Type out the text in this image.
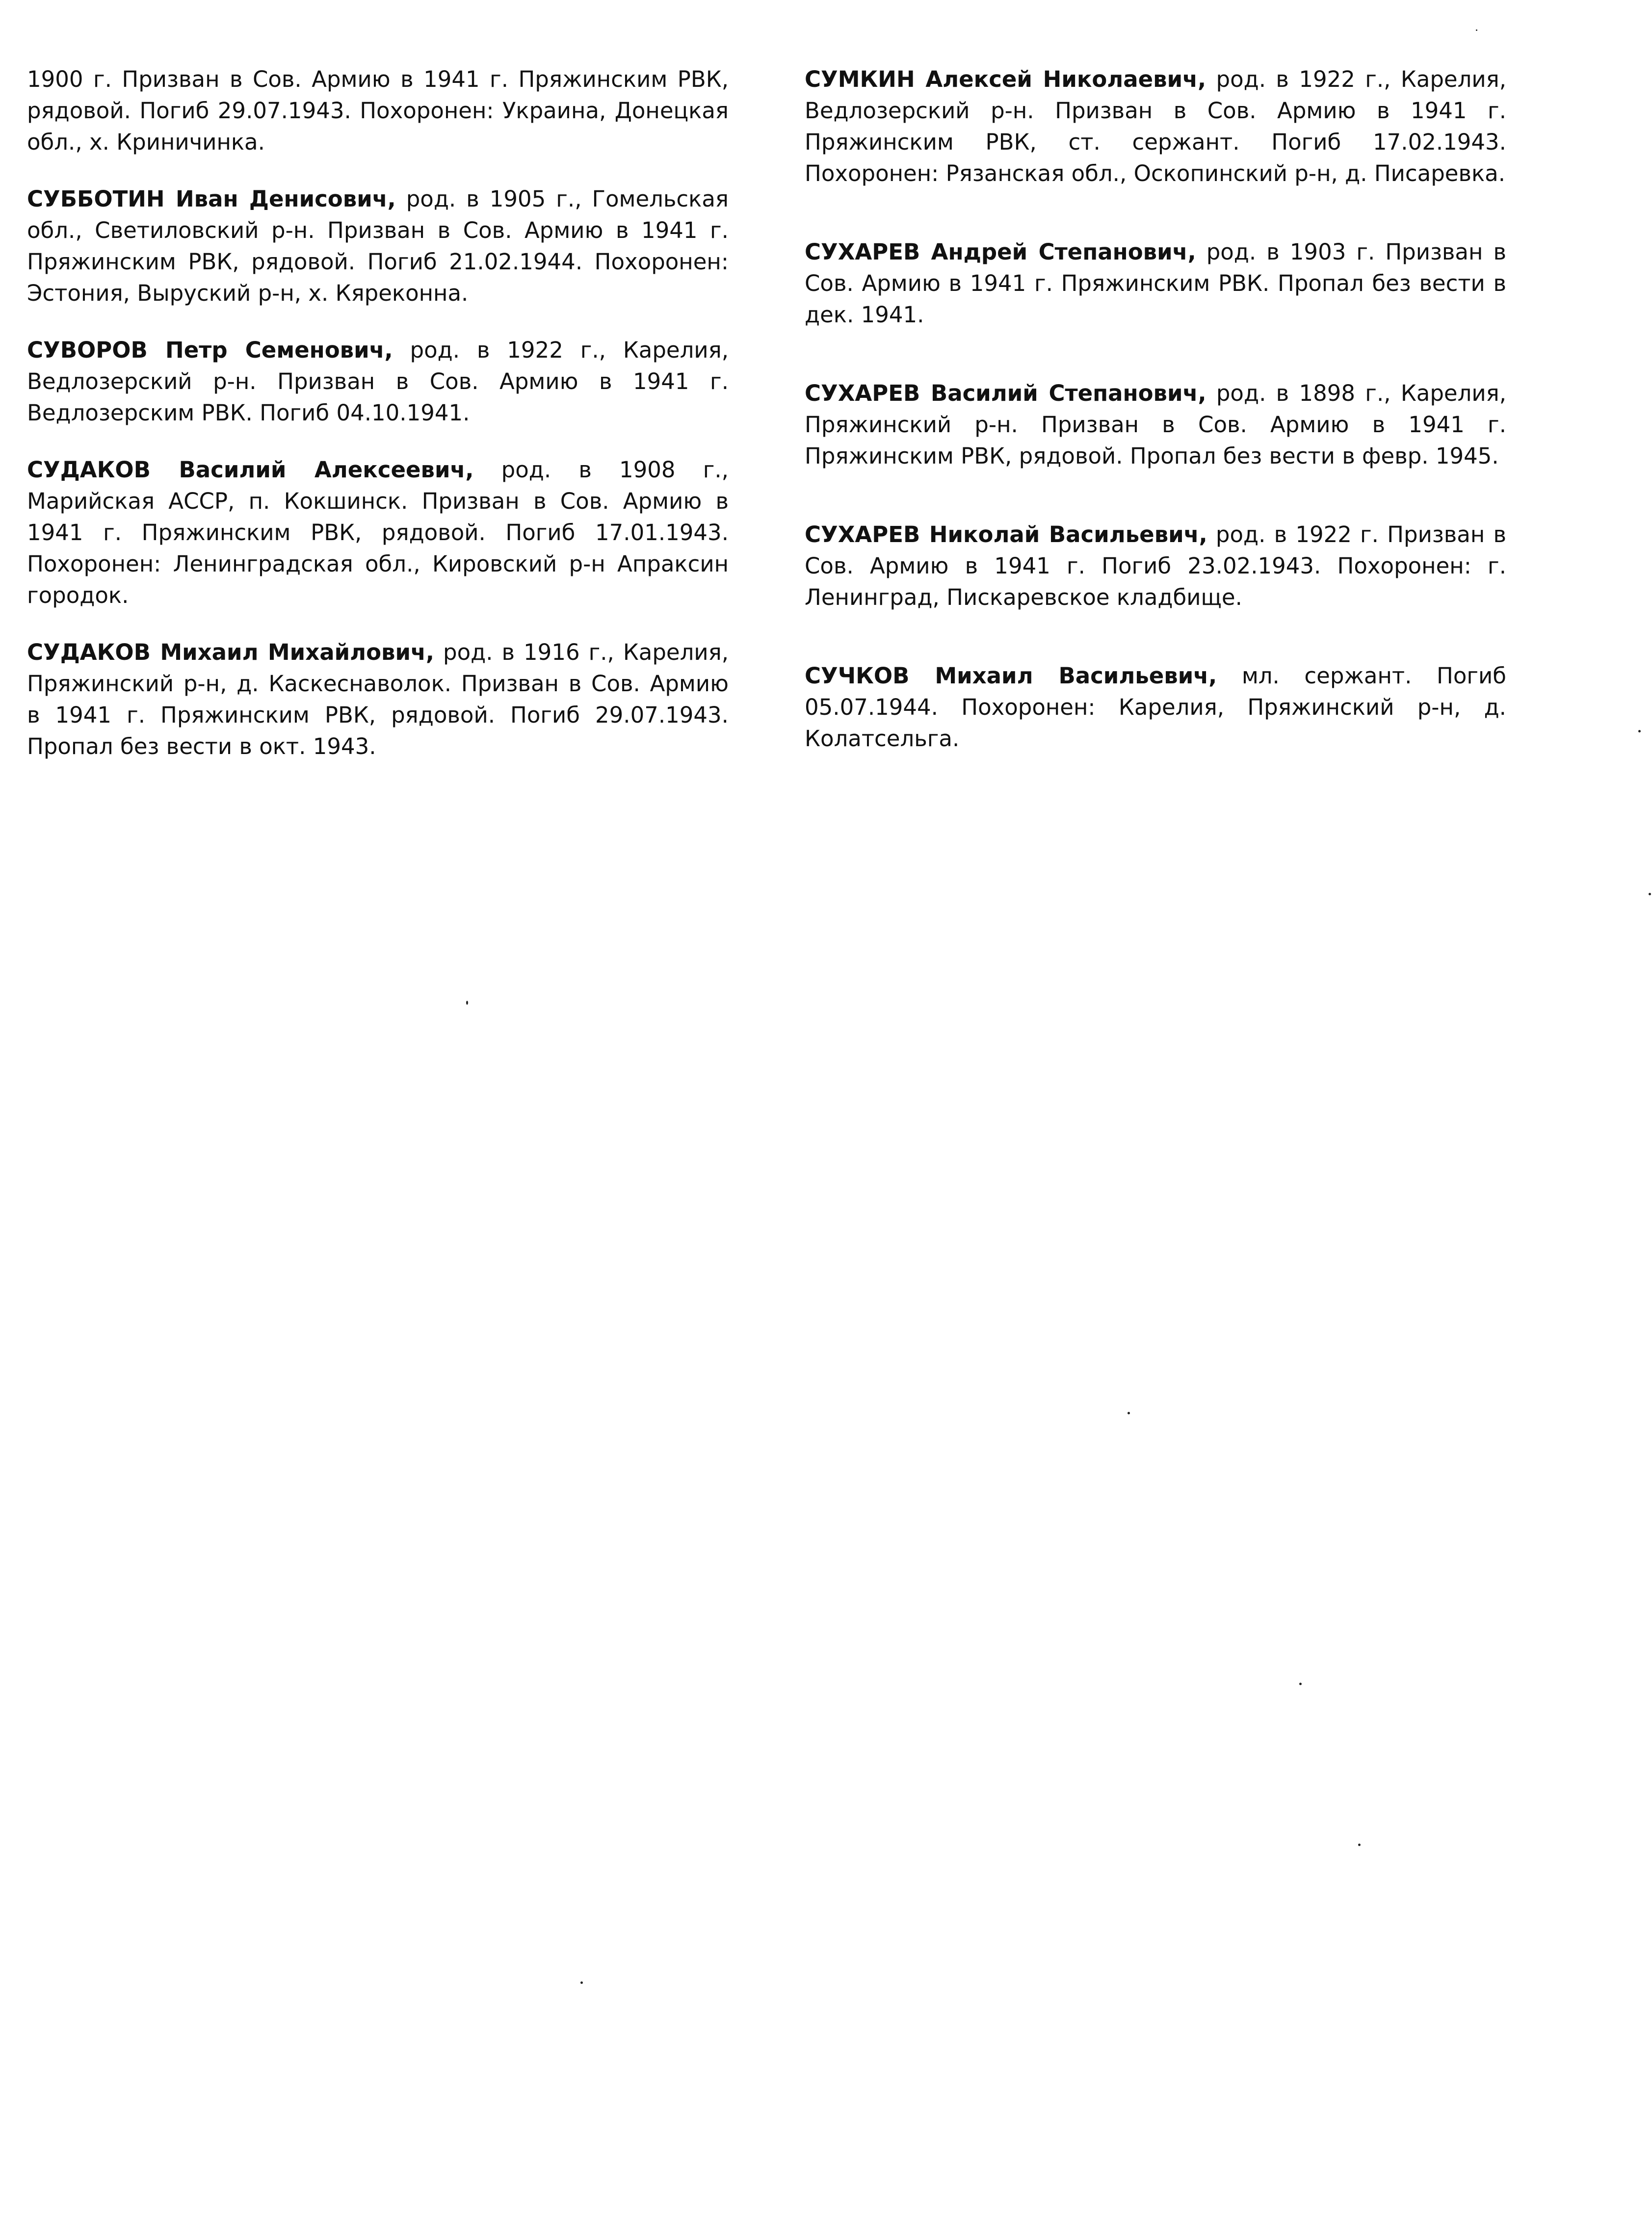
1900 г. Призван в Сов. Армию в 1941 г. Пряжинским РВК, рядовой. Погиб 29.07.1943. Похоронен: Украина, Донецкая обл., х. Криничинка.

СУББОТИН Иван Денисович, род. в 1905 г., Гомельская обл., Светиловский р-н. Призван в Сов. Армию в 1941 г. Пряжинским РВК, рядовой. Погиб 21.02.1944. Похоронен: Эстония, Выруский р-н, х. Кяреконна.

СУВОРОВ Петр Семенович, род. в 1922 г., Карелия, Ведлозерский р-н. Призван в Сов. Армию в 1941 г. Ведлозерским РВК. Погиб 04.10.1941.

СУДАКОВ Василий Алексеевич, род. в 1908 г., Марийская АССР, п. Кокшинск. Призван в Сов. Армию в 1941 г. Пряжинским РВК, рядовой. Погиб 17.01.1943. Похоронен: Ленинградская обл., Кировский р-н Апраксин городок.

СУДАКОВ Михаил Михайлович, род. в 1916 г., Карелия, Пряжинский р-н, д. Каскеснаволок. Призван в Сов. Армию в 1941 г. Пряжинским РВК, рядовой. Погиб 29.07.1943. Пропал без вести в окт. 1943.

СУМКИН Алексей Николаевич, род. в 1922 г., Карелия, Ведлозерский р-н. Призван в Сов. Армию в 1941 г. Пряжинским РВК, ст. сержант. Погиб 17.02.1943. Похоронен: Рязанская обл., Оскопинский р-н, д. Писаревка.

СУХАРЕВ Андрей Степанович, род. в 1903 г. Призван в Сов. Армию в 1941 г. Пряжинским РВК. Пропал без вести в дек. 1941.

СУХАРЕВ Василий Степанович, род. в 1898 г., Карелия, Пряжинский р-н. Призван в Сов. Армию в 1941 г. Пряжинским РВК, рядовой. Пропал без вести в февр. 1945.

СУХАРЕВ Николай Васильевич, род. в 1922 г. Призван в Сов. Армию в 1941 г. Погиб 23.02.1943. Похоронен: г. Ленинград, Пискаревское кладбище.

СУЧКОВ Михаил Васильевич, мл. сержант. Погиб 05.07.1944. Похоронен: Карелия, Пряжинский р-н, д. Колатсельга.
